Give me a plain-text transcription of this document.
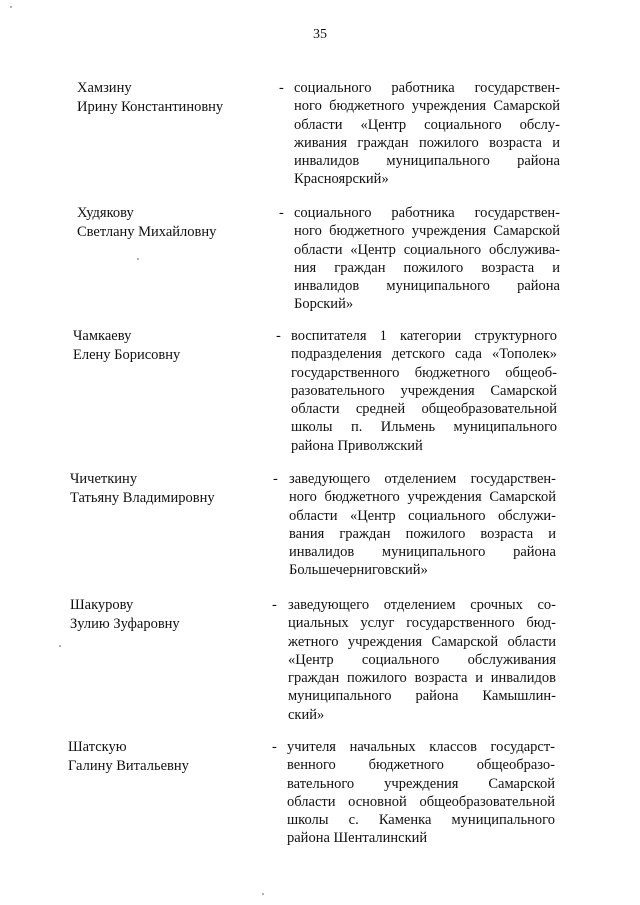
35
Хамзину
Ирину Константиновну
- социального работника государствен-
ного бюджетного учреждения Самарской
области «Центр социального обслу-
живания граждан пожилого возраста и
инвалидов муниципального района
Красноярский»
Худякову
Светлану Михайловну
- социального работника государствен-
ного бюджетного учреждения Самарской
области «Центр социального обслужива-
ния граждан пожилого возраста и
инвалидов муниципального района
Борский»
Чамкаеву
Елену Борисовну
- воспитателя 1 категории структурного
подразделения детского сада «Тополек»
государственного бюджетного общеоб-
разовательного учреждения Самарской
области средней общеобразовательной
школы п. Ильмень муниципального
района Приволжский
Чичеткину
Татьяну Владимировну
- заведующего отделением государствен-
ного бюджетного учреждения Самарской
области «Центр социального обслужи-
вания граждан пожилого возраста и
инвалидов муниципального района
Большечерниговский»
Шакурову
Зулию Зуфаровну
- заведующего отделением срочных со-
циальных услуг государственного бюд-
жетного учреждения Самарской области
«Центр социального обслуживания
граждан пожилого возраста и инвалидов
муниципального района Камышлин-
ский»
Шатскую
Галину Витальевну
- учителя начальных классов государст-
венного бюджетного общеобразо-
вательного учреждения Самарской
области основной общеобразовательной
школы с. Каменка муниципального
района Шенталинский
